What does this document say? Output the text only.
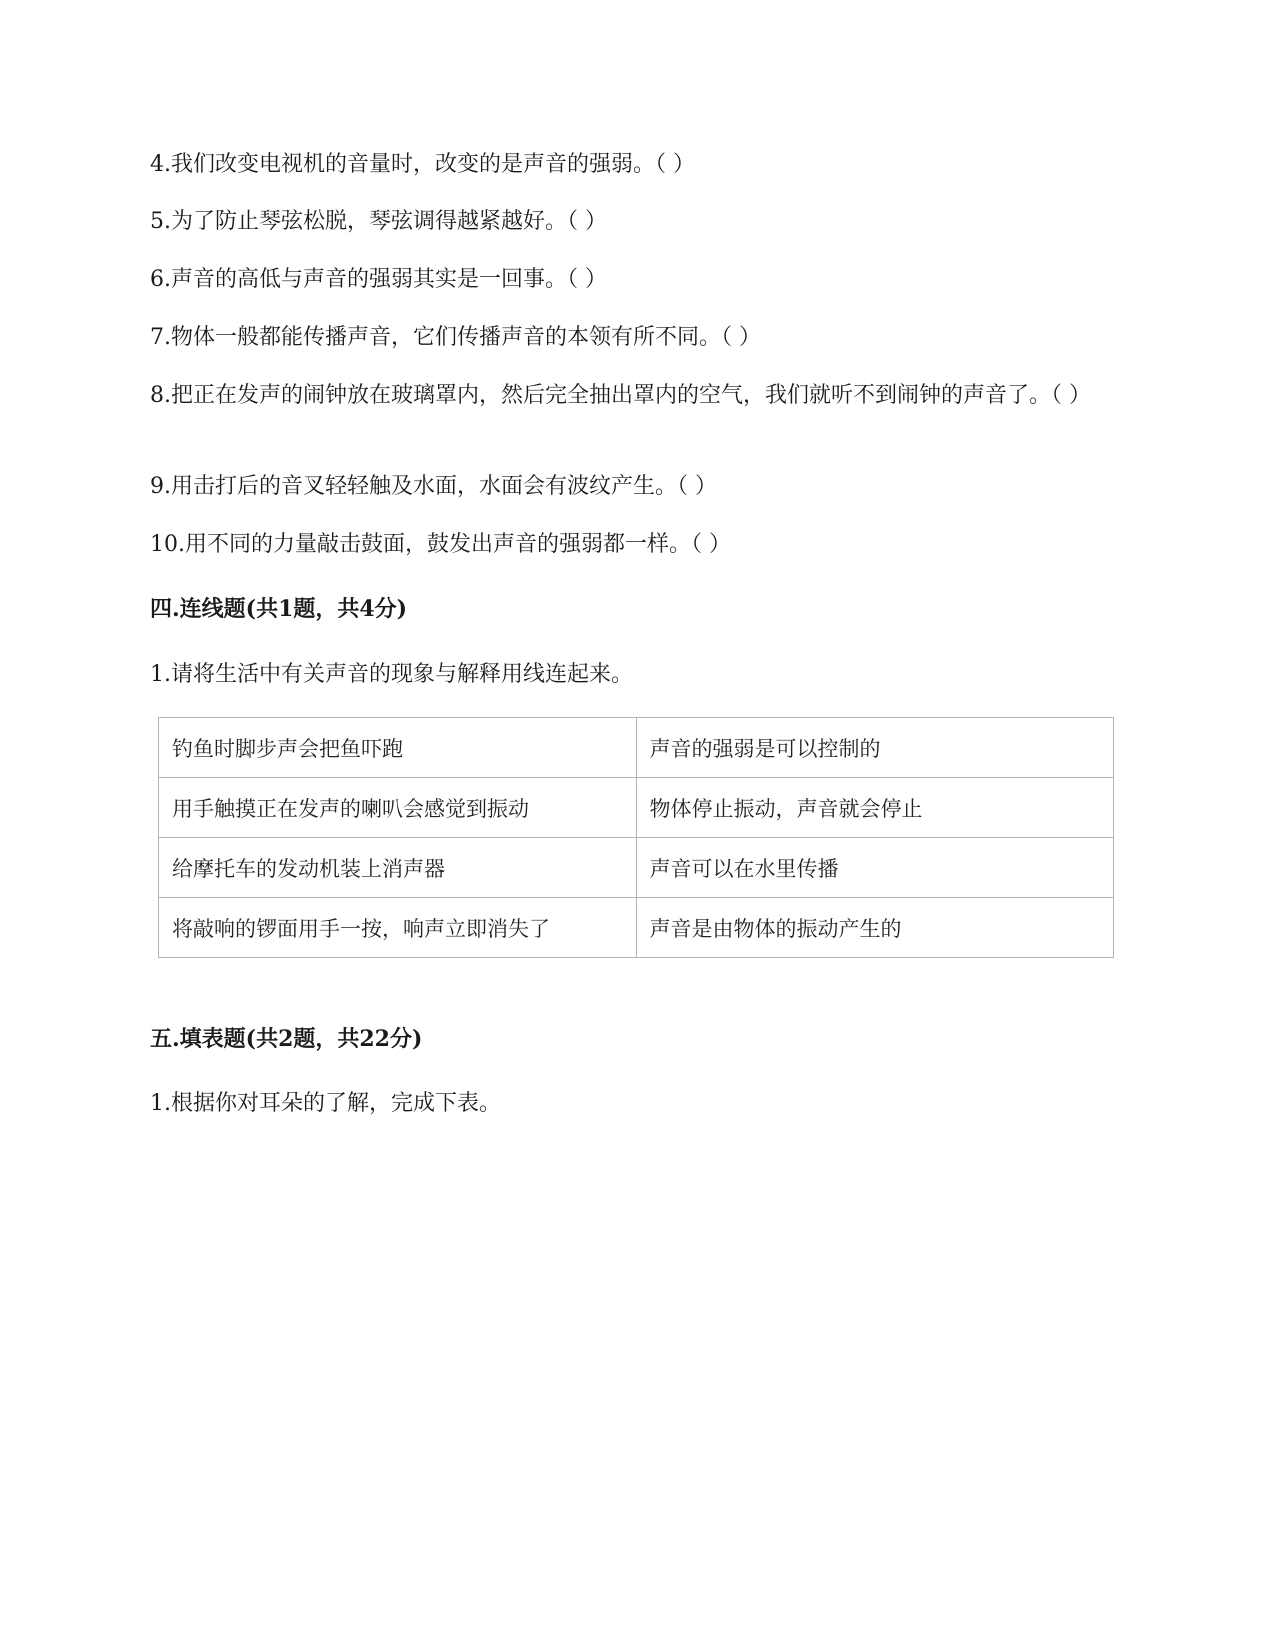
4.我们改变电视机的音量时，改变的是声音的强弱。（ ）
5.为了防止琴弦松脱，琴弦调得越紧越好。（ ）
6.声音的高低与声音的强弱其实是一回事。（ ）
7.物体一般都能传播声音，它们传播声音的本领有所不同。（ ）
8.把正在发声的闹钟放在玻璃罩内，然后完全抽出罩内的空气，我们就听不到闹钟的声音了。（ ）
9.用击打后的音叉轻轻触及水面，水面会有波纹产生。（ ）
10.用不同的力量敲击鼓面，鼓发出声音的强弱都一样。（ ）
四.连线题(共1题，共4分)
1.请将生活中有关声音的现象与解释用线连起来。
钓鱼时脚步声会把鱼吓跑	声音的强弱是可以控制的
用手触摸正在发声的喇叭会感觉到振动	物体停止振动，声音就会停止
给摩托车的发动机装上消声器	声音可以在水里传播
将敲响的锣面用手一按，响声立即消失了	声音是由物体的振动产生的
五.填表题(共2题，共22分)
1.根据你对耳朵的了解，完成下表。
